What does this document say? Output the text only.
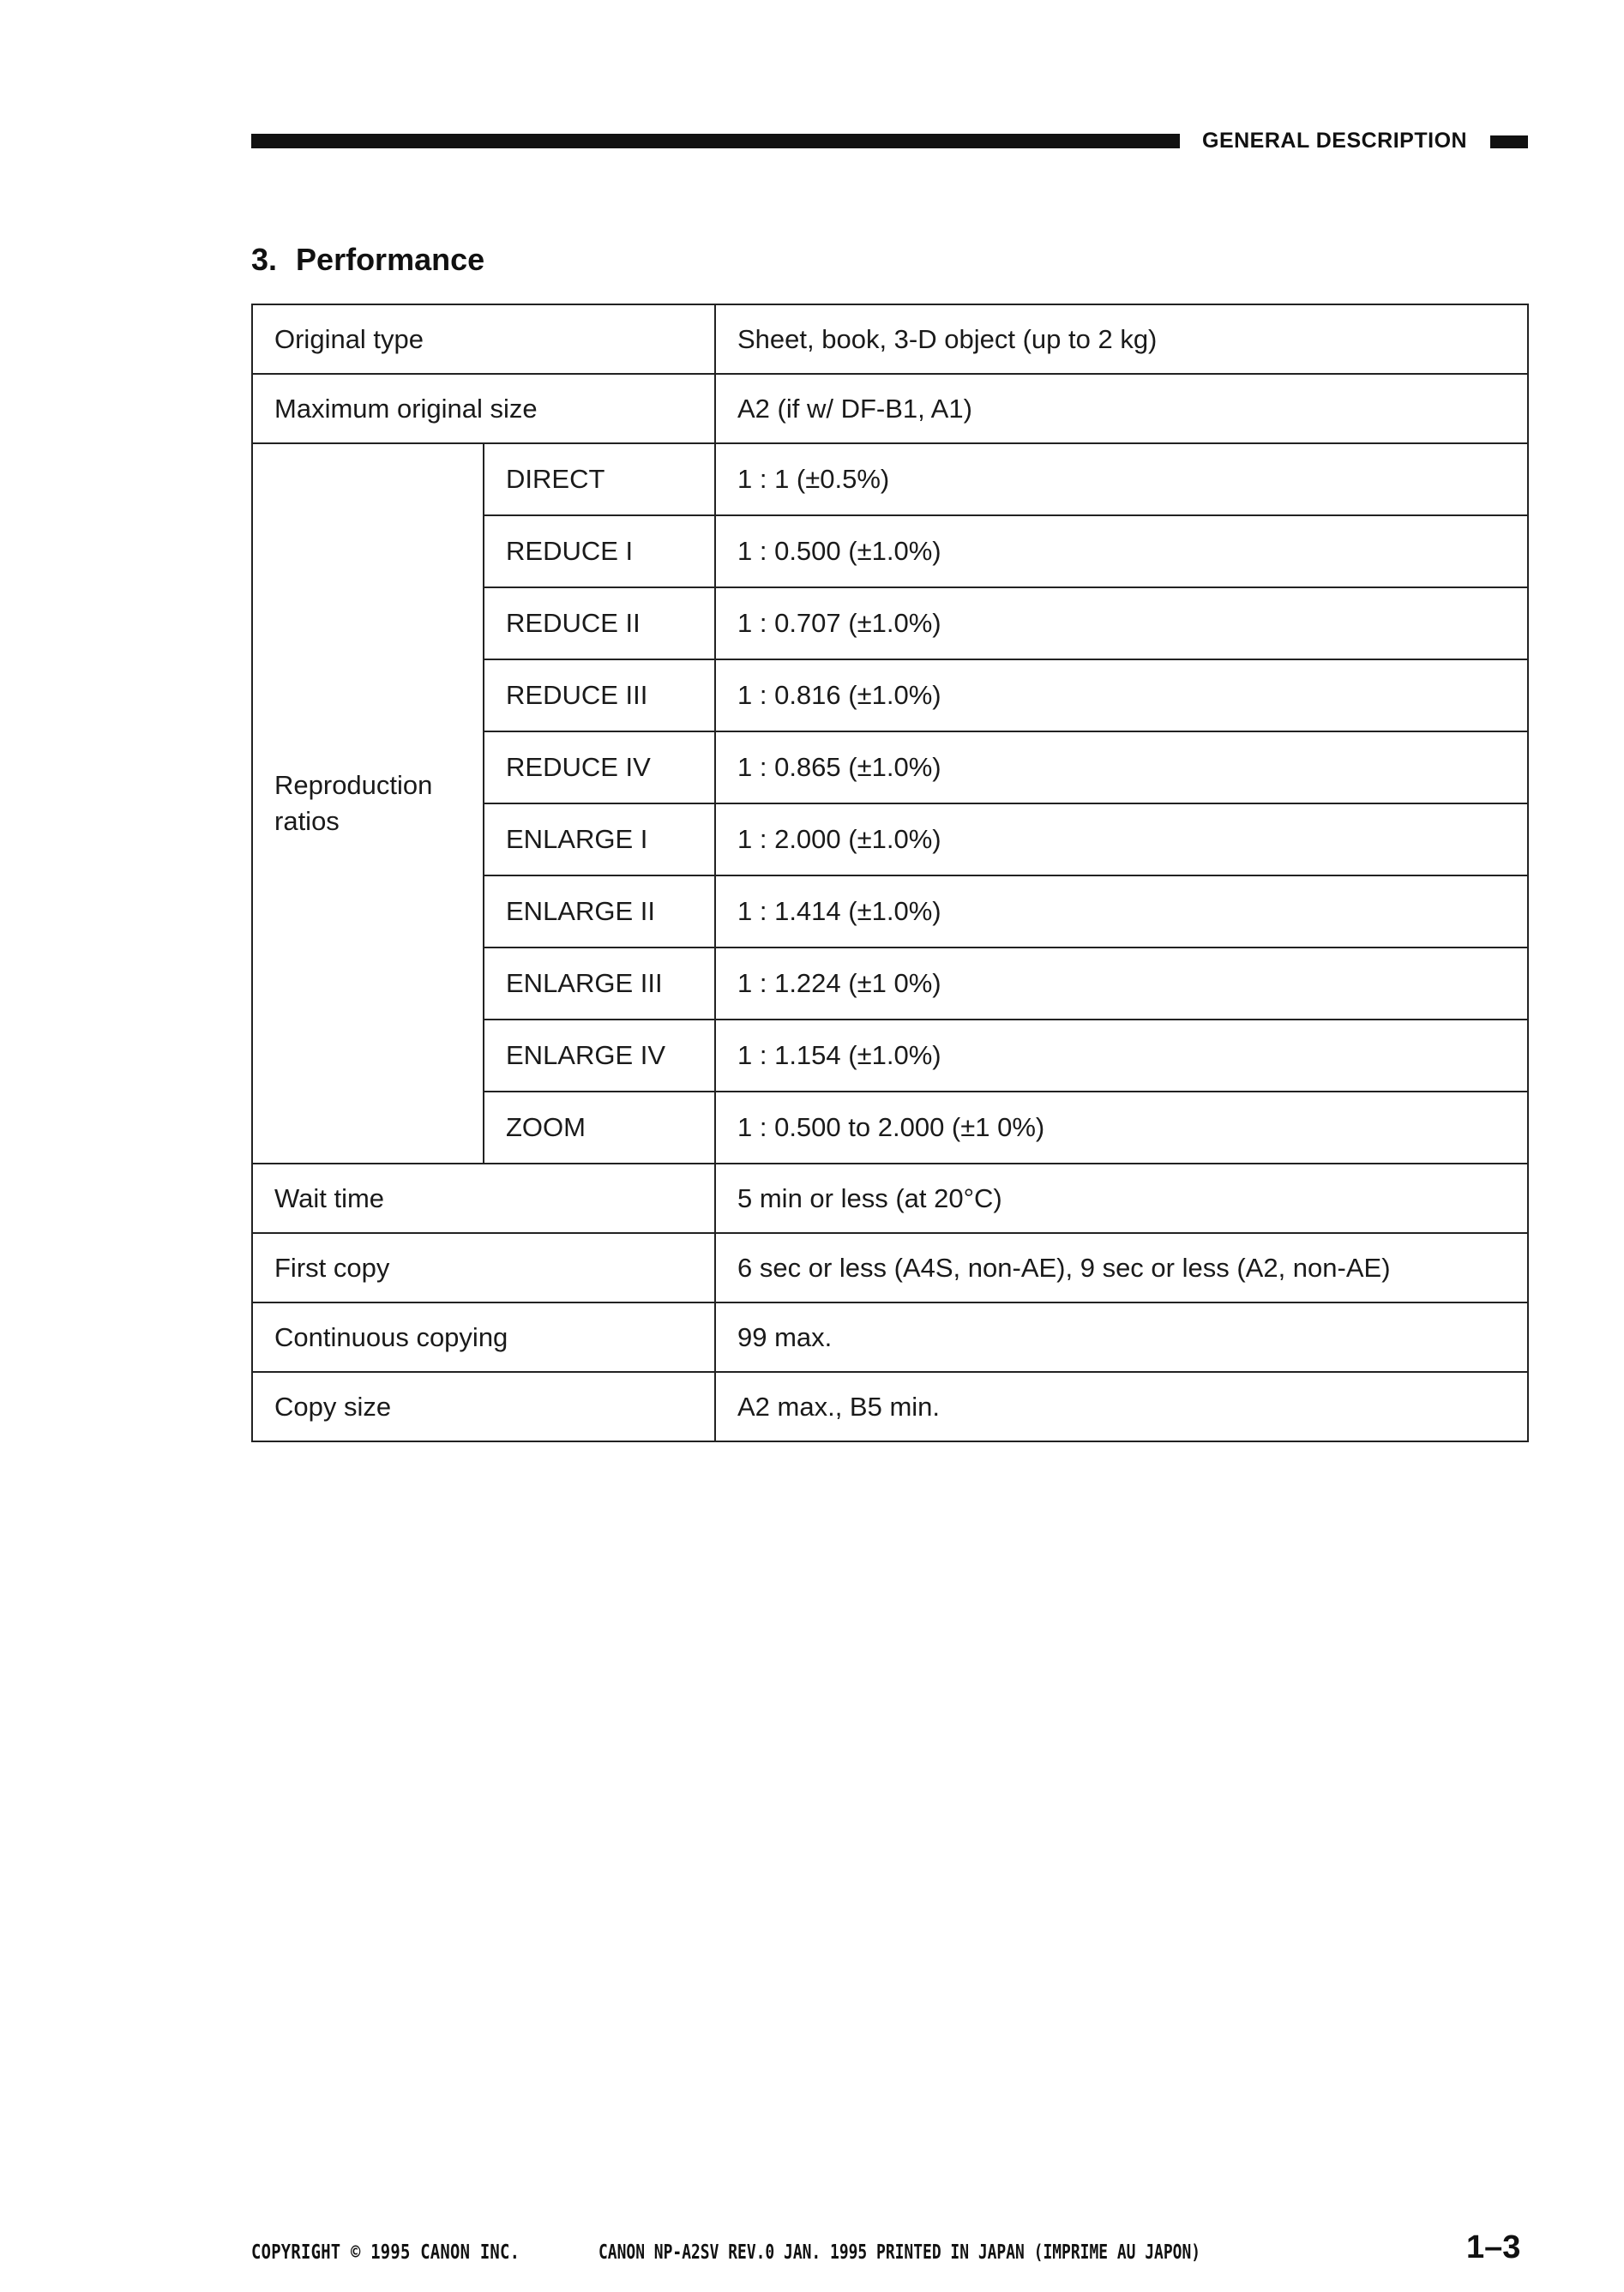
GENERAL DESCRIPTION
3. Performance
Original type		Sheet, book, 3-D object (up to 2 kg)
Maximum original size		A2 (if w/ DF-B1, A1)
Reproduction ratios	DIRECT	1 : 1 (±0.5%)
	REDUCE I	1 : 0.500 (±1.0%)
	REDUCE II	1 : 0.707 (±1.0%)
	REDUCE III	1 : 0.816 (±1.0%)
	REDUCE IV	1 : 0.865 (±1.0%)
	ENLARGE I	1 : 2.000 (±1.0%)
	ENLARGE II	1 : 1.414 (±1.0%)
	ENLARGE III	1 : 1.224 (±1 0%)
	ENLARGE IV	1 : 1.154 (±1.0%)
	ZOOM	1 : 0.500 to 2.000 (±1 0%)
Wait time		5 min or less (at 20°C)
First copy		6 sec or less (A4S, non-AE), 9 sec or less (A2, non-AE)
Continuous copying		99 max.
Copy size		A2 max., B5 min.
COPYRIGHT © 1995 CANON INC.	CANON NP-A2SV REV.0 JAN. 1995 PRINTED IN JAPAN (IMPRIME AU JAPON)	1–3
